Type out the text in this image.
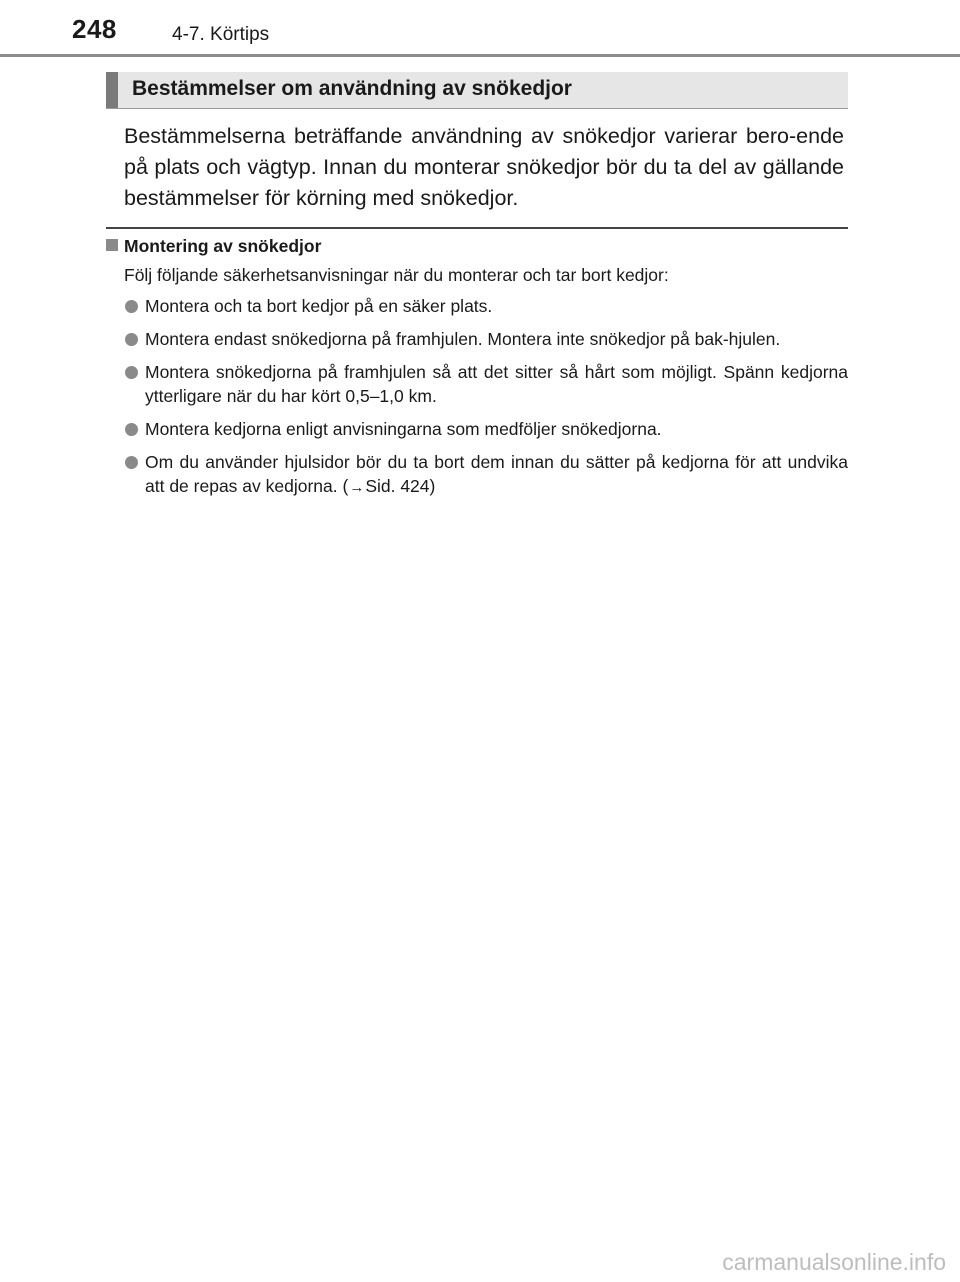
248	4-7. Körtips
Bestämmelser om användning av snökedjor
Bestämmelserna beträffande användning av snökedjor varierar bero-ende på plats och vägtyp. Innan du monterar snökedjor bör du ta del av gällande bestämmelser för körning med snökedjor.
Montering av snökedjor
Följ följande säkerhetsanvisningar när du monterar och tar bort kedjor:
Montera och ta bort kedjor på en säker plats.
Montera endast snökedjorna på framhjulen. Montera inte snökedjor på bak-hjulen.
Montera snökedjorna på framhjulen så att det sitter så hårt som möjligt. Spänn kedjorna ytterligare när du har kört 0,5–1,0 km.
Montera kedjorna enligt anvisningarna som medföljer snökedjorna.
Om du använder hjulsidor bör du ta bort dem innan du sätter på kedjorna för att undvika att de repas av kedjorna. (→Sid. 424)
carmanualsonline.info
